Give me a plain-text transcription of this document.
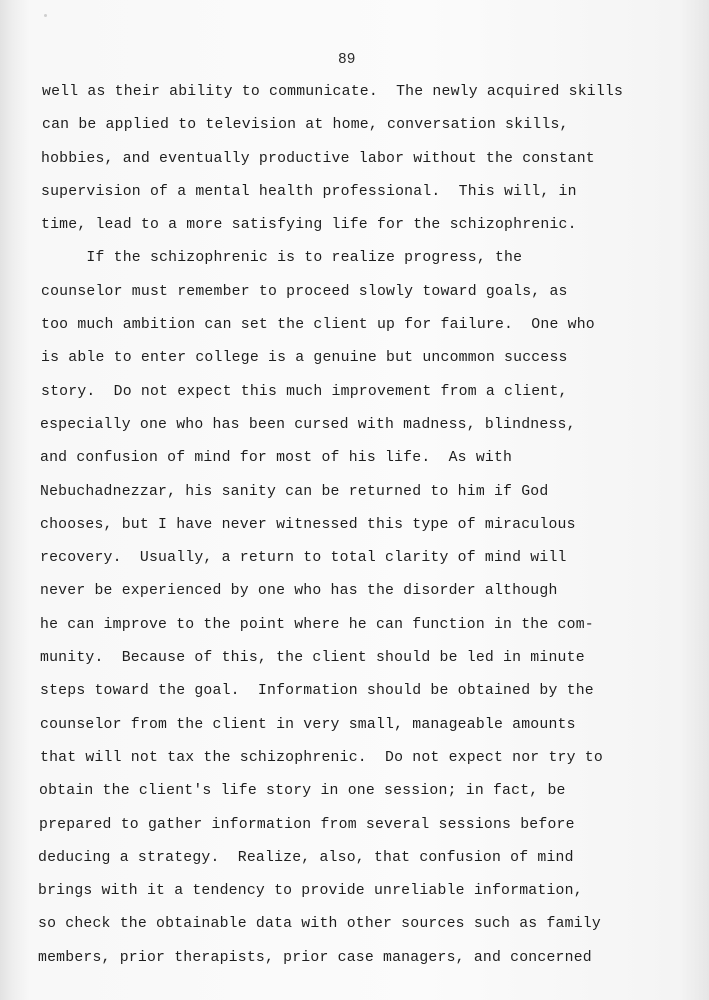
89
well as their ability to communicate.  The newly acquired skills
can be applied to television at home, conversation skills,
hobbies, and eventually productive labor without the constant
supervision of a mental health professional.  This will, in
time, lead to a more satisfying life for the schizophrenic.
If the schizophrenic is to realize progress, the
counselor must remember to proceed slowly toward goals, as
too much ambition can set the client up for failure.  One who
is able to enter college is a genuine but uncommon success
story.  Do not expect this much improvement from a client,
especially one who has been cursed with madness, blindness,
and confusion of mind for most of his life.  As with
Nebuchadnezzar, his sanity can be returned to him if God
chooses, but I have never witnessed this type of miraculous
recovery.  Usually, a return to total clarity of mind will
never be experienced by one who has the disorder although
he can improve to the point where he can function in the com-
munity.  Because of this, the client should be led in minute
steps toward the goal.  Information should be obtained by the
counselor from the client in very small, manageable amounts
that will not tax the schizophrenic.  Do not expect nor try to
obtain the client's life story in one session; in fact, be
prepared to gather information from several sessions before
deducing a strategy.  Realize, also, that confusion of mind
brings with it a tendency to provide unreliable information,
so check the obtainable data with other sources such as family
members, prior therapists, prior case managers, and concerned
